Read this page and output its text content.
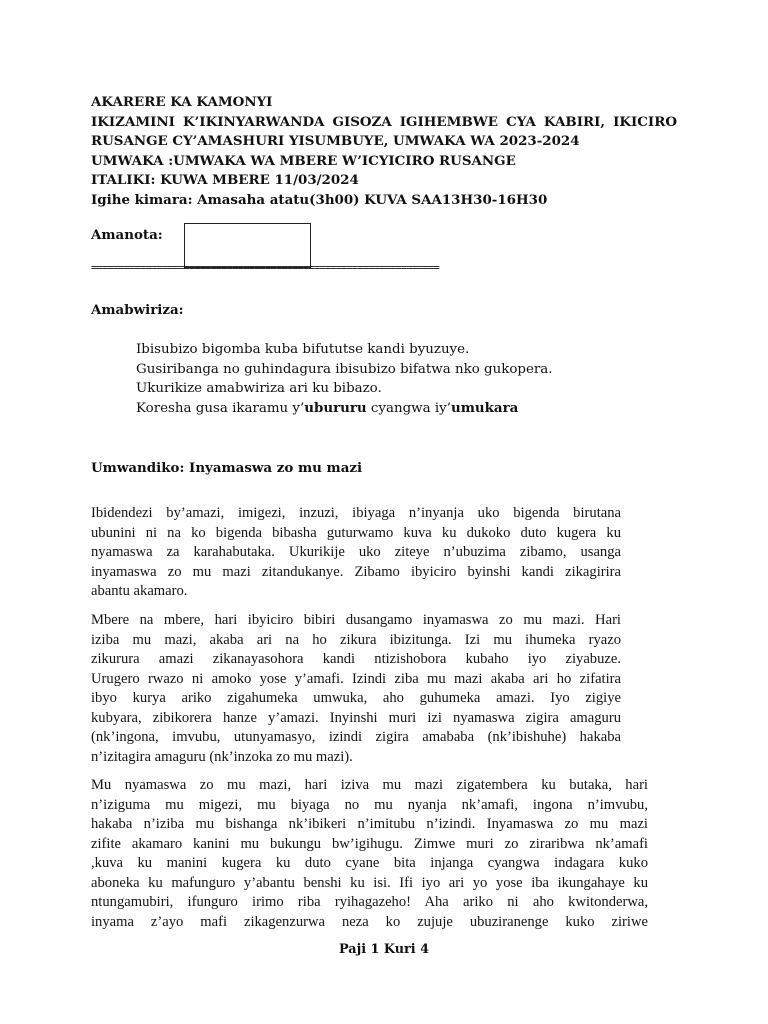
AKARERE KA KAMONYI
IKIZAMINI K’IKINYARWANDA GISOZA IGIHEMBWE CYA KABIRI, IKICIRO
RUSANGE CY’AMASHURI YISUMBUYE, UMWAKA WA 2023-2024
UMWAKA :UMWAKA WA MBERE W’ICYICIRO RUSANGE
ITALIKI: KUWA MBERE 11/03/2024
Igihe kimara: Amasaha atatu(3h00) KUVA SAA13H30-16H30
Amanota:
================================================================
Amabwiriza:
Ibisubizo bigomba kuba bifututse kandi byuzuye.
Gusiribanga no guhindagura ibisubizo bifatwa nko gukopera.
Ukurikize amabwiriza ari ku bibazo.
Koresha gusa ikaramu y’ubururu cyangwa iy’umukara
Umwandiko: Inyamaswa zo mu mazi
Ibidendezi by’amazi, imigezi, inzuzi, ibiyaga n’inyanja uko bigenda birutana
ubunini ni na ko bigenda bibasha guturwamo kuva ku dukoko duto kugera ku
nyamaswa za karahabutaka. Ukurikije uko ziteye n’ubuzima zibamo, usanga
inyamaswa zo mu mazi zitandukanye. Zibamo ibyiciro byinshi kandi zikagirira
abantu akamaro.
Mbere na mbere, hari ibyiciro bibiri dusangamo inyamaswa zo mu mazi. Hari
iziba mu mazi, akaba ari na ho zikura ibizitunga. Izi mu ihumeka ryazo
zikurura amazi zikanayasohora kandi ntizishobora kubaho iyo ziyabuze.
Urugero rwazo ni amoko yose y’amafi. Izindi ziba mu mazi akaba ari ho zifatira
ibyo kurya ariko zigahumeka umwuka, aho guhumeka amazi. Iyo zigiye
kubyara, zibikorera hanze y’amazi. Inyinshi muri izi nyamaswa zigira amaguru
(nk’ingona, imvubu, utunyamasyo, izindi zigira amababa (nk’ibishuhe) hakaba
n’izitagira amaguru (nk’inzoka zo mu mazi).
Mu nyamaswa zo mu mazi, hari iziva mu mazi zigatembera ku butaka, hari
n’iziguma mu migezi, mu biyaga no mu nyanja nk’amafi, ingona n’imvubu,
hakaba n’iziba mu bishanga nk’ibikeri n’imitubu n’izindi. Inyamaswa zo mu mazi
zifite akamaro kanini mu bukungu bw’igihugu. Zimwe muri zo ziraribwa nk’amafi
,kuva ku manini kugera ku duto cyane bita injanga cyangwa indagara kuko
aboneka ku mafunguro y’abantu benshi ku isi. Ifi iyo ari yo yose iba ikungahaye ku
ntungamubiri, ifunguro irimo riba ryihagazeho! Aha ariko ni aho kwitonderwa,
inyama z’ayo mafi zikagenzurwa neza ko zujuje ubuziranenge kuko ziriwe
Paji 1 Kuri 4
